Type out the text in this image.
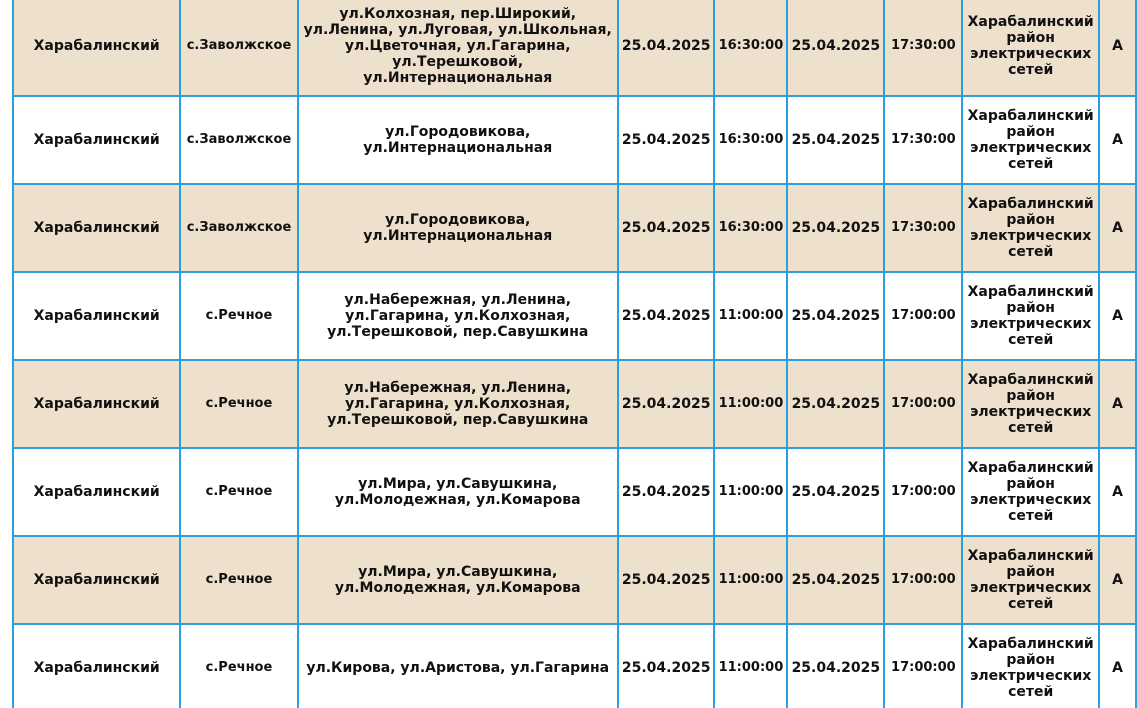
Харабалинский	с.Заволжское	ул.Колхозная, пер.Широкий, ул.Ленина, ул.Луговая, ул.Школьная, ул.Цветочная, ул.Гагарина, ул.Терешковой, ул.Интернациональная	25.04.2025	16:30:00	25.04.2025	17:30:00	Харабалинский район электрических сетей	А
Харабалинский	с.Заволжское	ул.Городовикова, ул.Интернациональная	25.04.2025	16:30:00	25.04.2025	17:30:00	Харабалинский район электрических сетей	А
Харабалинский	с.Заволжское	ул.Городовикова, ул.Интернациональная	25.04.2025	16:30:00	25.04.2025	17:30:00	Харабалинский район электрических сетей	А
Харабалинский	с.Речное	ул.Набережная, ул.Ленина, ул.Гагарина, ул.Колхозная, ул.Терешковой, пер.Савушкина	25.04.2025	11:00:00	25.04.2025	17:00:00	Харабалинский район электрических сетей	А
Харабалинский	с.Речное	ул.Набережная, ул.Ленина, ул.Гагарина, ул.Колхозная, ул.Терешковой, пер.Савушкина	25.04.2025	11:00:00	25.04.2025	17:00:00	Харабалинский район электрических сетей	А
Харабалинский	с.Речное	ул.Мира, ул.Савушкина, ул.Молодежная, ул.Комарова	25.04.2025	11:00:00	25.04.2025	17:00:00	Харабалинский район электрических сетей	А
Харабалинский	с.Речное	ул.Мира, ул.Савушкина, ул.Молодежная, ул.Комарова	25.04.2025	11:00:00	25.04.2025	17:00:00	Харабалинский район электрических сетей	А
Харабалинский	с.Речное	ул.Кирова, ул.Аристова, ул.Гагарина	25.04.2025	11:00:00	25.04.2025	17:00:00	Харабалинский район электрических сетей	А
